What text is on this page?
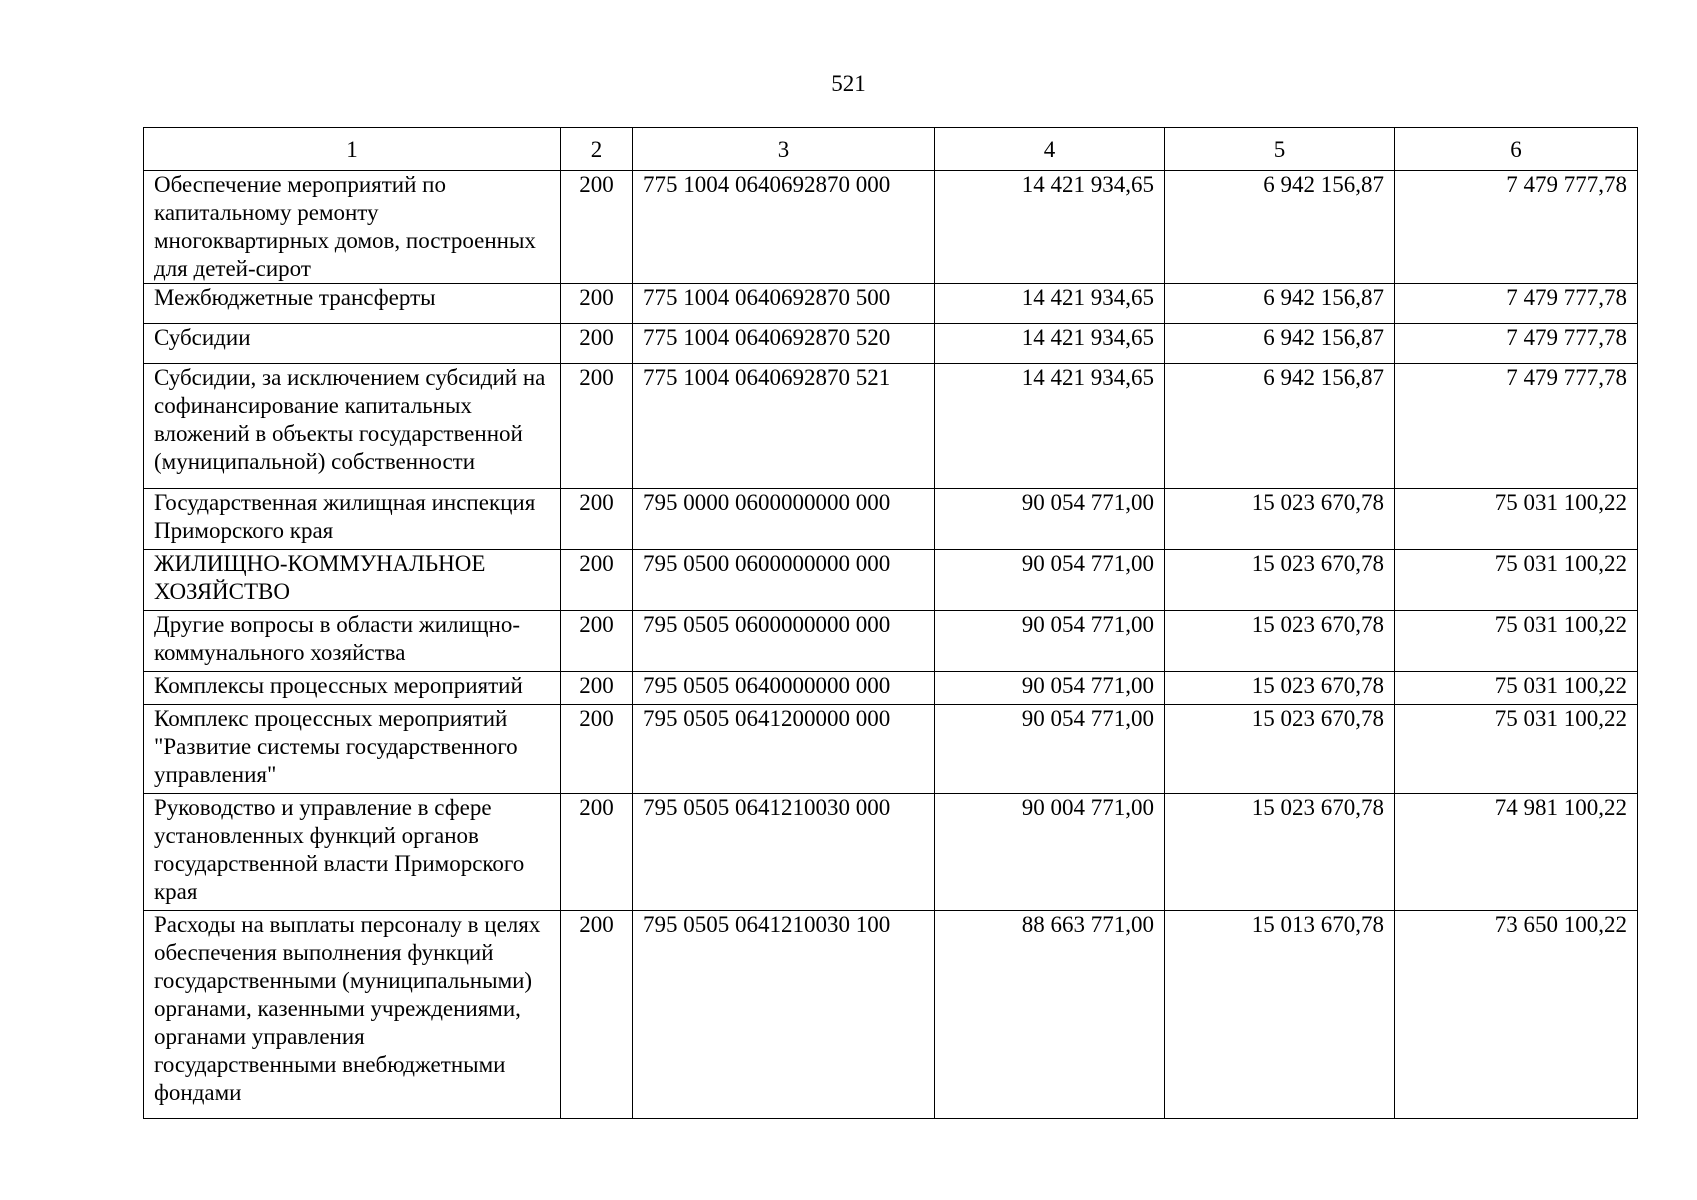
521
1	2	3	4	5	6
Обеспечение мероприятий по капитальному ремонту многоквартирных домов, построенных для детей-сирот	200	775 1004 0640692870 000	14 421 934,65	6 942 156,87	7 479 777,78
Межбюджетные трансферты	200	775 1004 0640692870 500	14 421 934,65	6 942 156,87	7 479 777,78
Субсидии	200	775 1004 0640692870 520	14 421 934,65	6 942 156,87	7 479 777,78
Субсидии, за исключением субсидий на софинансирование капитальных вложений в объекты государственной (муниципальной) собственности	200	775 1004 0640692870 521	14 421 934,65	6 942 156,87	7 479 777,78
Государственная жилищная инспекция Приморского края	200	795 0000 0600000000 000	90 054 771,00	15 023 670,78	75 031 100,22
ЖИЛИЩНО-КОММУНАЛЬНОЕ ХОЗЯЙСТВО	200	795 0500 0600000000 000	90 054 771,00	15 023 670,78	75 031 100,22
Другие вопросы в области жилищно-коммунального хозяйства	200	795 0505 0600000000 000	90 054 771,00	15 023 670,78	75 031 100,22
Комплексы процессных мероприятий	200	795 0505 0640000000 000	90 054 771,00	15 023 670,78	75 031 100,22
Комплекс процессных мероприятий "Развитие системы государственного управления"	200	795 0505 0641200000 000	90 054 771,00	15 023 670,78	75 031 100,22
Руководство и управление в сфере установленных функций органов государственной власти Приморского края	200	795 0505 0641210030 000	90 004 771,00	15 023 670,78	74 981 100,22
Расходы на выплаты персоналу в целях обеспечения выполнения функций государственными (муниципальными) органами, казенными учреждениями, органами управления государственными внебюджетными фондами	200	795 0505 0641210030 100	88 663 771,00	15 013 670,78	73 650 100,22
